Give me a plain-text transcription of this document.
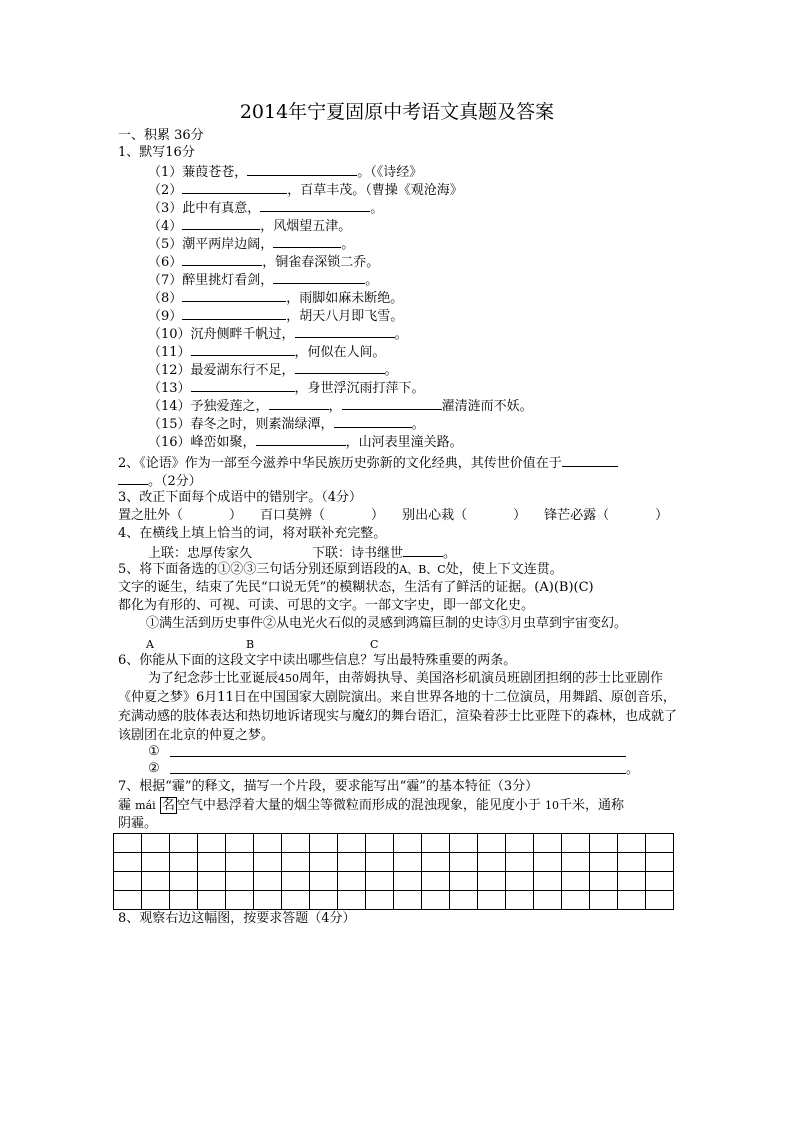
2014年宁夏固原中考语文真题及答案
一、积累 36分
1、默写16分
（1）蒹葭苍苍，	。（《诗经》
（2）	，百草丰茂。（曹操《观沧海》
（3）此中有真意，	。
（4）	，风烟望五津。
（5）潮平两岸边阔，	。
（6）	，铜雀春深锁二乔。
（7）醉里挑灯看剑，	。
（8）	，雨脚如麻未断绝。
（9）	，胡天八月即飞雪。
（10）沉舟侧畔千帆过，	。
（11）	，何似在人间。
（12）最爱湖东行不足，	。
（13）	，身世浮沉雨打萍下。
（14）予独爱莲之，	，	濯清涟而不妖。
（15）春冬之时，则素湍绿潭，	。
（16）峰峦如聚，	，山河表里潼关路。
2、《论语》作为一部至今滋养中华民族历史弥新的文化经典，其传世价值在于
。（2分）
3、改正下面每个成语中的错别字。（4分）
置之肚外（	） 百口莫辨（	） 别出心栽（	） 锋芒必露（	）
4、在横线上填上恰当的词，将对联补充完整。
上联：忠厚传家久	下联：诗书继世	。
5、将下面备选的①②③三句话分别还原到语段的A、B、C处，使上下文连贯。
文字的诞生，结束了先民“口说无凭”的模糊状态，生活有了鲜活的证据。(A)(B)(C)
都化为有形的、可视、可读、可思的文字。一部文字史，即一部文化史。
①满生活到历史事件②从电光火石似的灵感到鸿篇巨制的史诗③月虫草到宇宙变幻。
A	B	C
6、你能从下面的这段文字中读出哪些信息？写出最特殊重要的两条。
为了纪念莎士比亚诞辰450周年，由蒂姆执导、美国洛杉矶演员班剧团担纲的莎士比亚剧作《仲夏之梦》6月11日在中国国家大剧院演出。来自世界各地的十二位演员，用舞蹈、原创音乐，充满动感的肢体表达和热切地诉诸现实与魔幻的舞台语汇，渲染着莎士比亚陛下的森林，也成就了该剧团在北京的仲夏之梦。
①
②	。
7、根据“霾”的释文，描写一个片段，要求能写出“霾”的基本特征（3分）
霾 mái 名 空气中悬浮着大量的烟尘等微粒而形成的混浊现象，能见度小于 10千米，通称
阴霾。

8、观察右边这幅图，按要求答题（4分）
